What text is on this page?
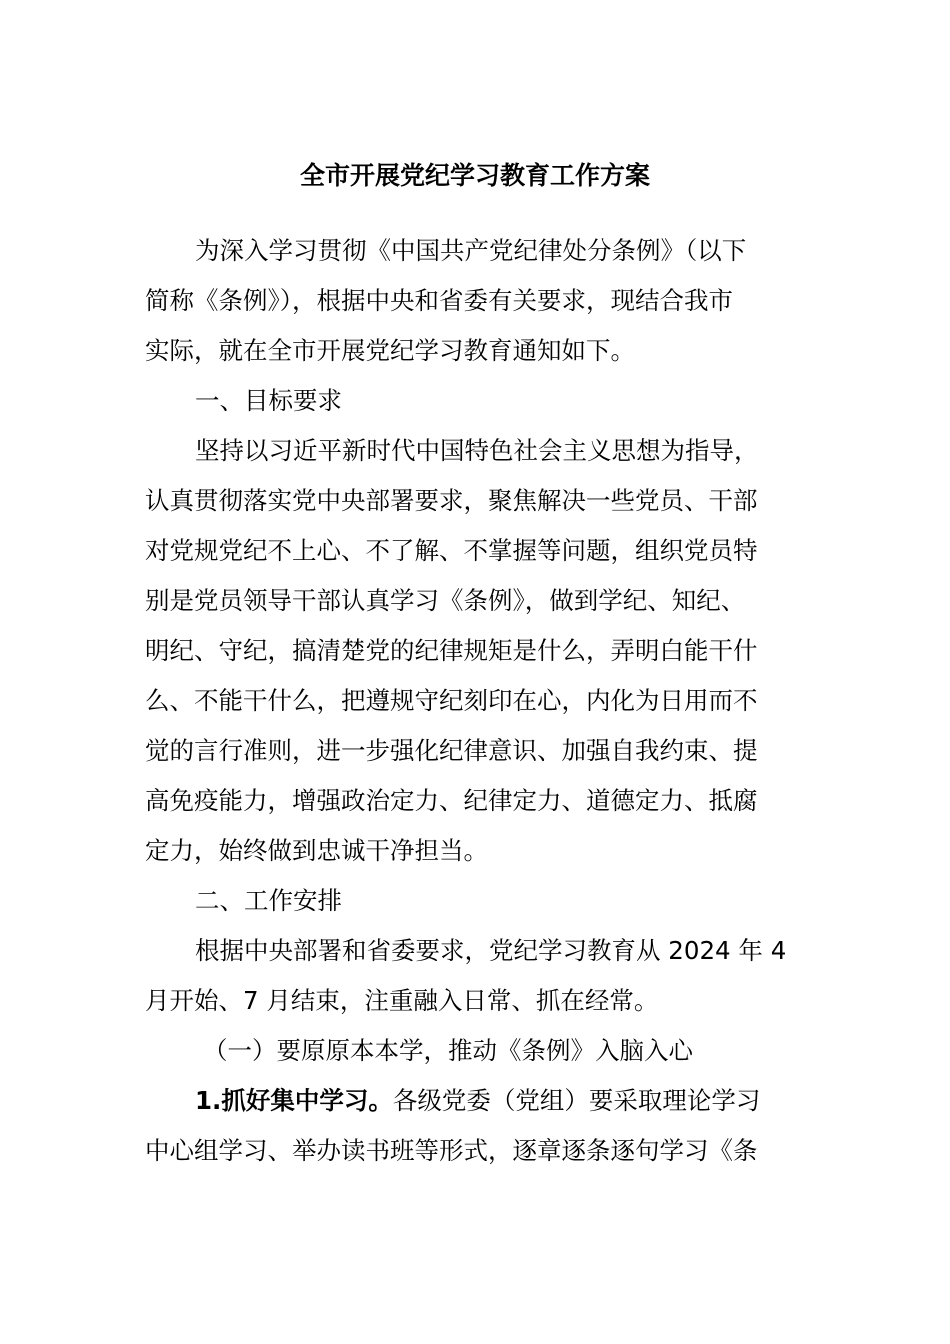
全市开展党纪学习教育工作方案
为深入学习贯彻《中国共产党纪律处分条例》（以下
简称《条例》），根据中央和省委有关要求，现结合我市
实际，就在全市开展党纪学习教育通知如下。
一、目标要求
坚持以习近平新时代中国特色社会主义思想为指导，
认真贯彻落实党中央部署要求，聚焦解决一些党员、干部
对党规党纪不上心、不了解、不掌握等问题，组织党员特
别是党员领导干部认真学习《条例》，做到学纪、知纪、
明纪、守纪，搞清楚党的纪律规矩是什么，弄明白能干什
么、不能干什么，把遵规守纪刻印在心，内化为日用而不
觉的言行准则，进一步强化纪律意识、加强自我约束、提
高免疫能力，增强政治定力、纪律定力、道德定力、抵腐
定力，始终做到忠诚干净担当。
二、工作安排
根据中央部署和省委要求，党纪学习教育从 2024 年 4
月开始、7 月结束，注重融入日常、抓在经常。
（一）要原原本本学，推动《条例》入脑入心
1.抓好集中学习。各级党委（党组）要采取理论学习
中心组学习、举办读书班等形式，逐章逐条逐句学习《条
